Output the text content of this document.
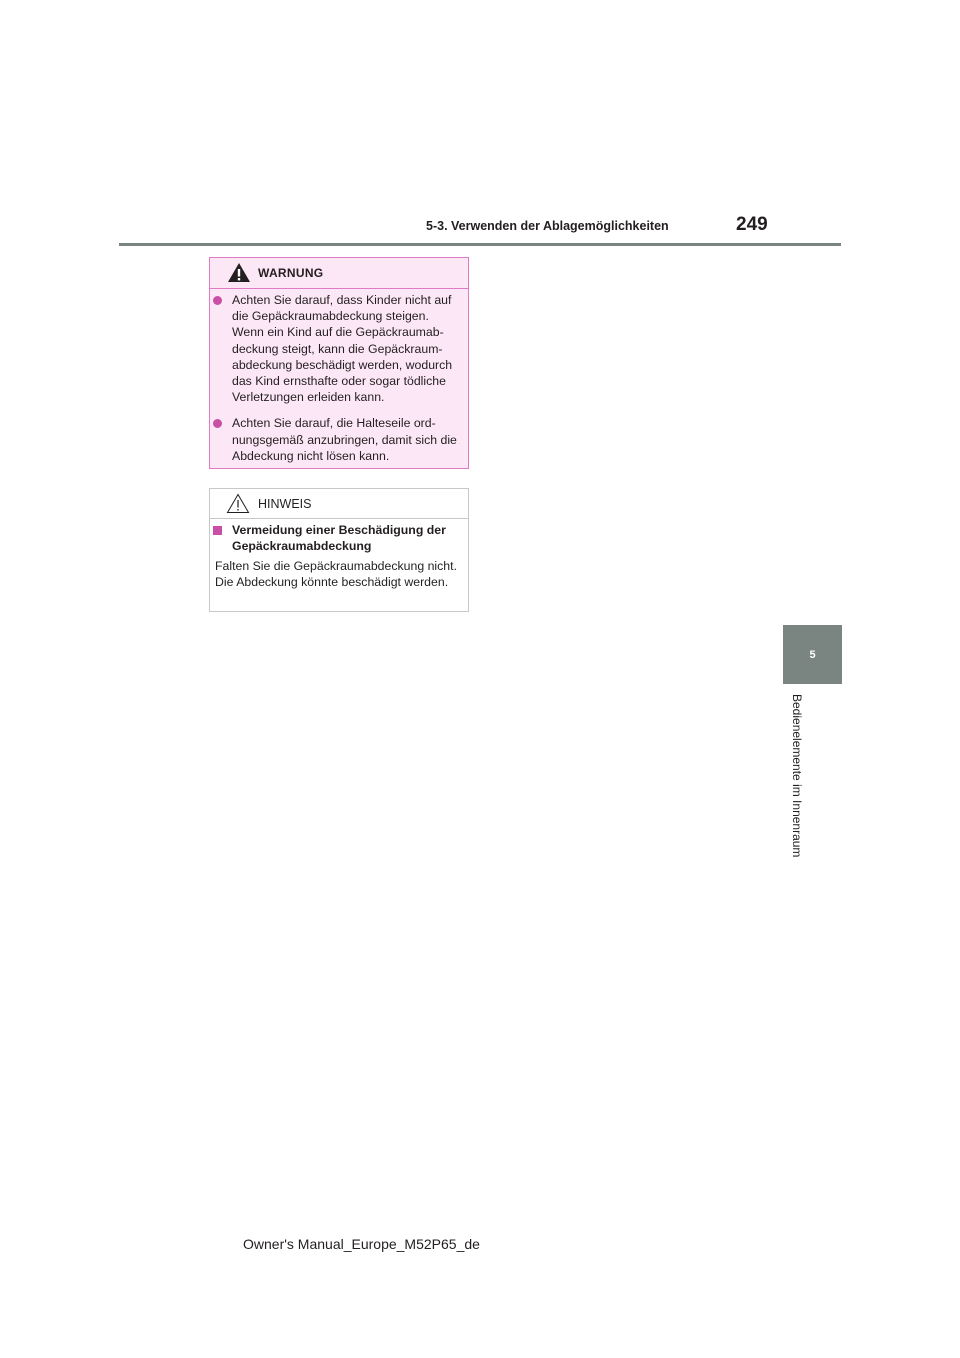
5-3. Verwenden der Ablagemöglichkeiten	249
5
Bedienelemente im Innenraum
WARNUNG
Achten Sie darauf, dass Kinder nicht auf die Gepäckraumabdeckung steigen. Wenn ein Kind auf die Gepäckraumab-deckung steigt, kann die Gepäckraum-abdeckung beschädigt werden, wodurch das Kind ernsthafte oder sogar tödliche Verletzungen erleiden kann.
Achten Sie darauf, die Halteseile ord-nungsgemäß anzubringen, damit sich die Abdeckung nicht lösen kann.
HINWEIS
Vermeidung einer Beschädigung der Gepäckraumabdeckung
Falten Sie die Gepäckraumabdeckung nicht. Die Abdeckung könnte beschädigt werden.
Owner's Manual_Europe_M52P65_de
